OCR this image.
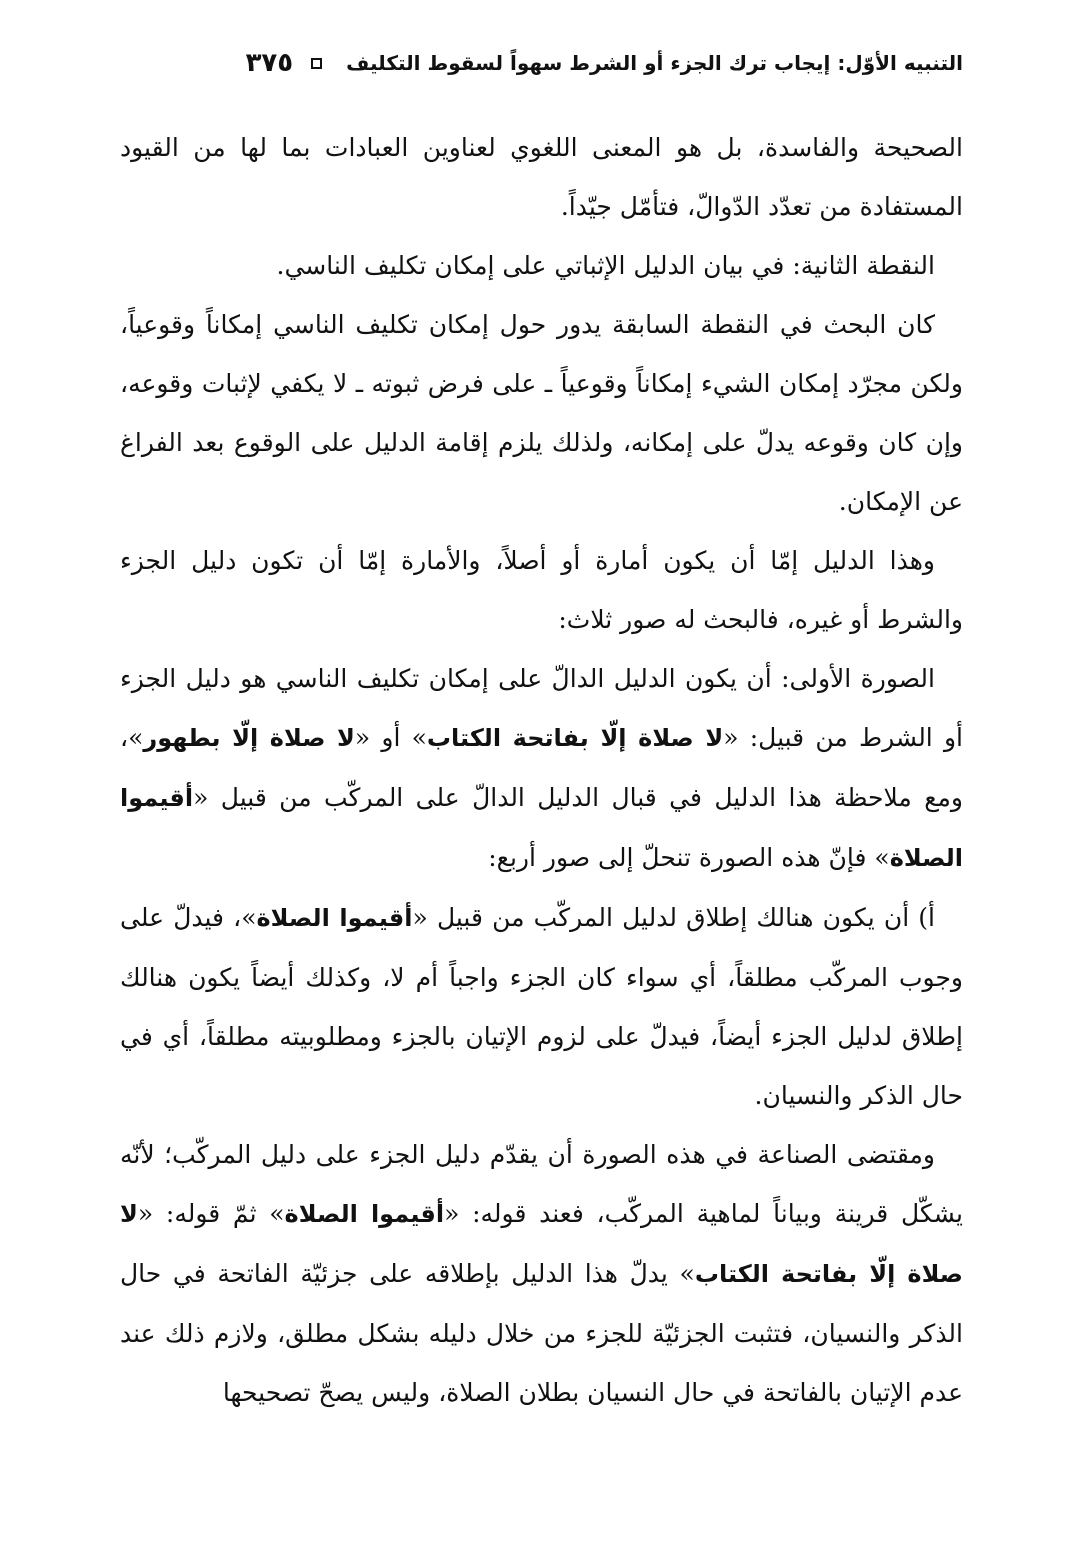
التنبيه الأوّل: إيجاب ترك الجزء أو الشرط سهواً لسقوط التكليف
٣٧٥

الصحيحة والفاسدة، بل هو المعنى اللغوي لعناوين العبادات بما لها من القيود المستفادة من تعدّد الدّوالّ، فتأمّل جيّداً.

النقطة الثانية: في بيان الدليل الإثباتي على إمكان تكليف الناسي.

كان البحث في النقطة السابقة يدور حول إمكان تكليف الناسي إمكاناً وقوعياً، ولكن مجرّد إمكان الشيء إمكاناً وقوعياً ـ على فرض ثبوته ـ لا يكفي لإثبات وقوعه، وإن كان وقوعه يدلّ على إمكانه، ولذلك يلزم إقامة الدليل على الوقوع بعد الفراغ عن الإمكان.

وهذا الدليل إمّا أن يكون أمارة أو أصلاً، والأمارة إمّا أن تكون دليل الجزء والشرط أو غيره، فالبحث له صور ثلاث:

الصورة الأولى: أن يكون الدليل الدالّ على إمكان تكليف الناسي هو دليل الجزء أو الشرط من قبيل: «لا صلاة إلّا بفاتحة الكتاب» أو «لا صلاة إلّا بطهور»، ومع ملاحظة هذا الدليل في قبال الدليل الدالّ على المركّب من قبيل «أقيموا الصلاة» فإنّ هذه الصورة تنحلّ إلى صور أربع:

أ) أن يكون هنالك إطلاق لدليل المركّب من قبيل «أقيموا الصلاة»، فيدلّ على وجوب المركّب مطلقاً، أي سواء كان الجزء واجباً أم لا، وكذلك أيضاً يكون هنالك إطلاق لدليل الجزء أيضاً، فيدلّ على لزوم الإتيان بالجزء ومطلوبيته مطلقاً، أي في حال الذكر والنسيان.

ومقتضى الصناعة في هذه الصورة أن يقدّم دليل الجزء على دليل المركّب؛ لأنّه يشكّل قرينة وبياناً لماهية المركّب، فعند قوله: «أقيموا الصلاة» ثمّ قوله: «لا صلاة إلّا بفاتحة الكتاب» يدلّ هذا الدليل بإطلاقه على جزئيّة الفاتحة في حال الذكر والنسيان، فتثبت الجزئيّة للجزء من خلال دليله بشكل مطلق، ولازم ذلك عند عدم الإتيان بالفاتحة في حال النسيان بطلان الصلاة، وليس يصحّ تصحيحها
